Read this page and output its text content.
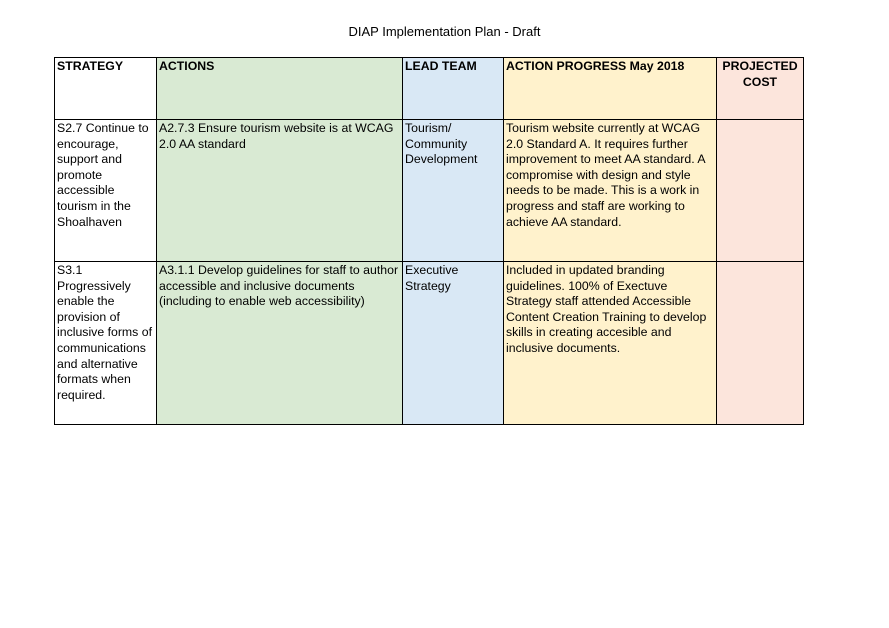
DIAP Implementation Plan - Draft
STRATEGY	ACTIONS	LEAD TEAM	ACTION PROGRESS May 2018	PROJECTED COST
S2.7 Continue to encourage, support and promote accessible tourism in the Shoalhaven	A2.7.3 Ensure tourism website is at WCAG 2.0 AA standard	Tourism/ Community Development	Tourism website currently at WCAG 2.0 Standard A. It requires further improvement to meet AA standard. A compromise with design and style needs to be made. This is a work in progress and staff are working to achieve AA standard.	
S3.1 Progressively enable the provision of inclusive forms of communications and alternative formats when required.	A3.1.1 Develop guidelines for staff to author accessible and inclusive documents (including to enable web accessibility)	Executive Strategy	Included in updated branding guidelines. 100% of Exectuve Strategy staff attended Accessible Content Creation Training to develop skills in creating accesible and inclusive documents.	
